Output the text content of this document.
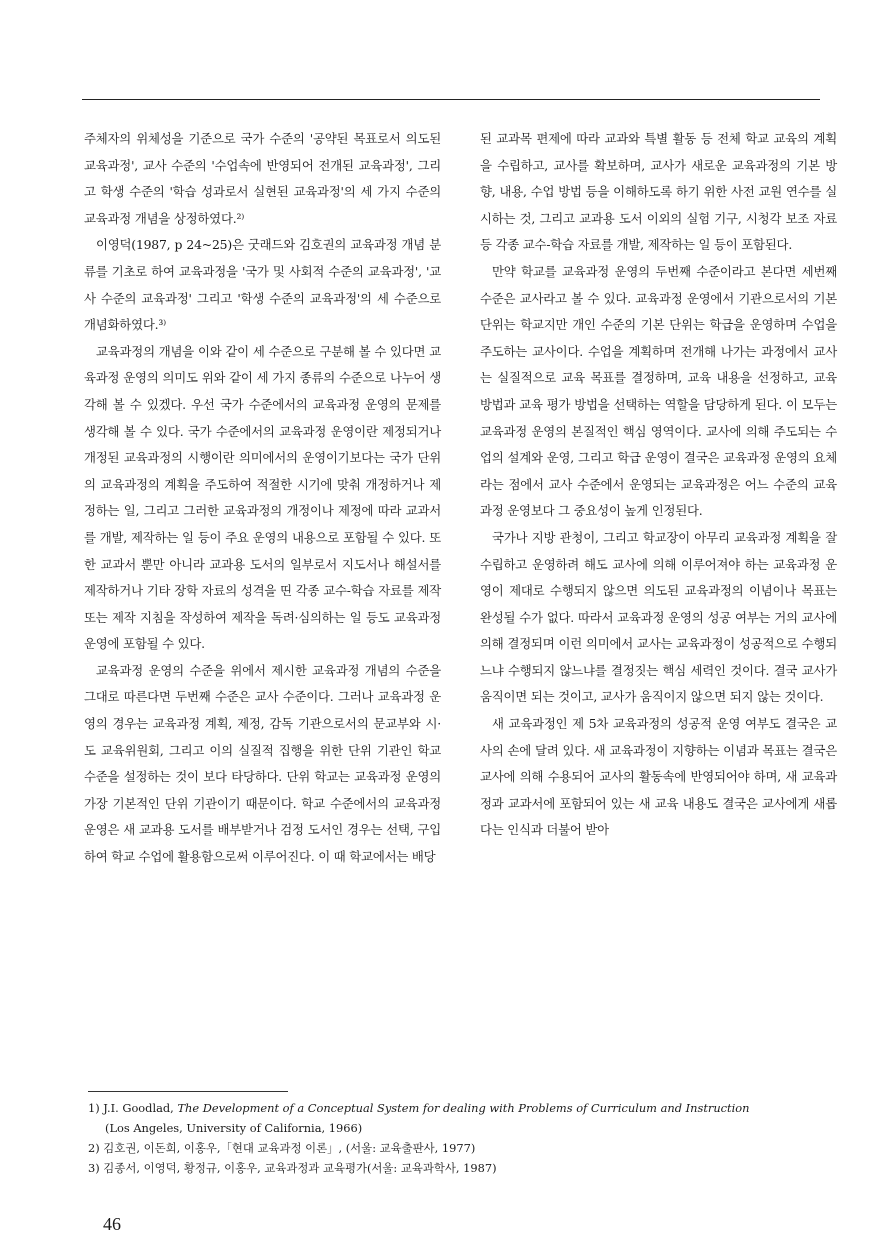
주체자의 위체성을 기준으로 국가 수준의 '공약된 목표로서 의도된 교육과정', 교사 수준의 '수업속에 반영되어 전개된 교육과정', 그리고 학생 수준의 '학습 성과로서 실현된 교육과정'의 세 가지 수준의 교육과정 개념을 상정하였다.²⁾

이영덕(1987, p 24~25)은 굿래드와 김호권의 교육과정 개념 분류를 기초로 하여 교육과정을 '국가 및 사회적 수준의 교육과정', '교사 수준의 교육과정' 그리고 '학생 수준의 교육과정'의 세 수준으로 개념화하였다.³⁾

교육과정의 개념을 이와 같이 세 수준으로 구분해 볼 수 있다면 교육과정 운영의 의미도 위와 같이 세 가지 종류의 수준으로 나누어 생각해 볼 수 있겠다. 우선 국가 수준에서의 교육과정 운영의 문제를 생각해 볼 수 있다. 국가 수준에서의 교육과정 운영이란 제정되거나 개정된 교육과정의 시행이란 의미에서의 운영이기보다는 국가 단위의 교육과정의 계획을 주도하여 적절한 시기에 맞춰 개정하거나 제정하는 일, 그리고 그러한 교육과정의 개정이나 제정에 따라 교과서를 개발, 제작하는 일 등이 주요 운영의 내용으로 포함될 수 있다. 또한 교과서 뿐만 아니라 교과용 도서의 일부로서 지도서나 해설서를 제작하거나 기타 장학 자료의 성격을 띤 각종 교수-학습 자료를 제작 또는 제작 지침을 작성하여 제작을 독려·심의하는 일 등도 교육과정 운영에 포함될 수 있다.

교육과정 운영의 수준을 위에서 제시한 교육과정 개념의 수준을 그대로 따른다면 두번째 수준은 교사 수준이다. 그러나 교육과정 운영의 경우는 교육과정 계획, 제정, 감독 기관으로서의 문교부와 시·도 교육위원회, 그리고 이의 실질적 집행을 위한 단위 기관인 학교 수준을 설정하는 것이 보다 타당하다. 단위 학교는 교육과정 운영의 가장 기본적인 단위 기관이기 때문이다. 학교 수준에서의 교육과정 운영은 새 교과용 도서를 배부받거나 검정 도서인 경우는 선택, 구입하여 학교 수업에 활용함으로써 이루어진다. 이 때 학교에서는 배당

된 교과목 편제에 따라 교과와 특별 활동 등 전체 학교 교육의 계획을 수립하고, 교사를 확보하며, 교사가 새로운 교육과정의 기본 방향, 내용, 수업 방법 등을 이해하도록 하기 위한 사전 교원 연수를 실시하는 것, 그리고 교과용 도서 이외의 실험 기구, 시청각 보조 자료 등 각종 교수-학습 자료를 개발, 제작하는 일 등이 포함된다.

만약 학교를 교육과정 운영의 두번째 수준이라고 본다면 세번째 수준은 교사라고 볼 수 있다. 교육과정 운영에서 기관으로서의 기본 단위는 학교지만 개인 수준의 기본 단위는 학급을 운영하며 수업을 주도하는 교사이다. 수업을 계획하며 전개해 나가는 과정에서 교사는 실질적으로 교육 목표를 결정하며, 교육 내용을 선정하고, 교육 방법과 교육 평가 방법을 선택하는 역할을 담당하게 된다. 이 모두는 교육과정 운영의 본질적인 핵심 영역이다. 교사에 의해 주도되는 수업의 설계와 운영, 그리고 학급 운영이 결국은 교육과정 운영의 요체라는 점에서 교사 수준에서 운영되는 교육과정은 어느 수준의 교육과정 운영보다 그 중요성이 높게 인정된다.

국가나 지방 관청이, 그리고 학교장이 아무리 교육과정 계획을 잘 수립하고 운영하려 해도 교사에 의해 이루어져야 하는 교육과정 운영이 제대로 수행되지 않으면 의도된 교육과정의 이념이나 목표는 완성될 수가 없다. 따라서 교육과정 운영의 성공 여부는 거의 교사에 의해 결정되며 이런 의미에서 교사는 교육과정이 성공적으로 수행되느냐 수행되지 않느냐를 결정짓는 핵심 세력인 것이다. 결국 교사가 움직이면 되는 것이고, 교사가 움직이지 않으면 되지 않는 것이다.

새 교육과정인 제 5차 교육과정의 성공적 운영 여부도 결국은 교사의 손에 달려 있다. 새 교육과정이 지향하는 이념과 목표는 결국은 교사에 의해 수용되어 교사의 활동속에 반영되어야 하며, 새 교육과정과 교과서에 포함되어 있는 새 교육 내용도 결국은 교사에게 새롭다는 인식과 더불어 받아

1) J.I. Goodlad, The Development of a Conceptual System for dealing with Problems of Curriculum and Instruction

(Los Angeles, University of California, 1966)

2) 김호권, 이돈희, 이홍우,「현대 교육과정 이론」, (서울: 교육출판사, 1977)

3) 김종서, 이영덕, 황정규, 이홍우, 교육과정과 교육평가(서울: 교육과학사, 1987)

46
